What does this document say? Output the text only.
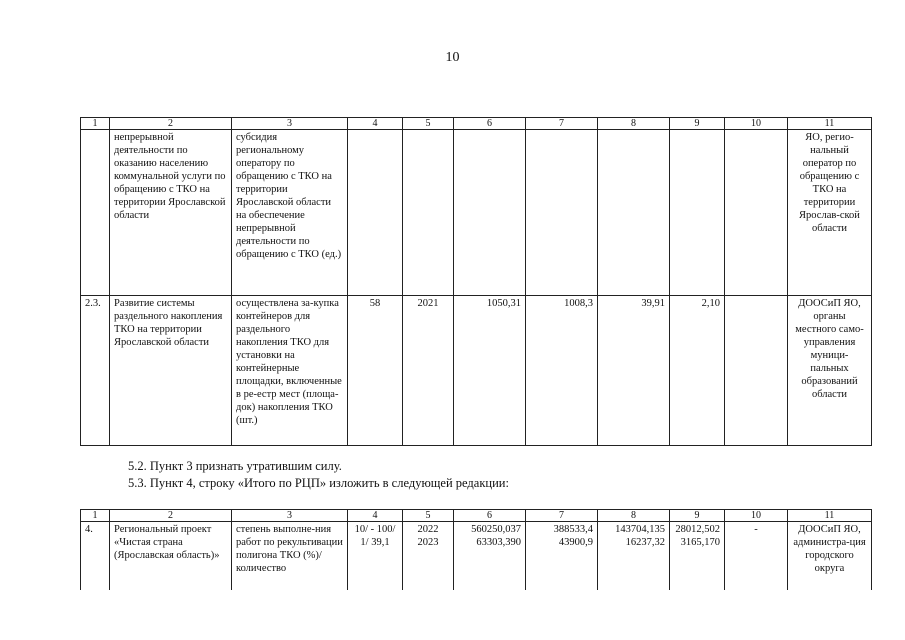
10
1	2	3	4	5	6	7	8	9	10	11
	непрерывной деятельности по оказанию населению коммунальной услуги по обращению с ТКО на территории Ярославской области	субсидия региональному оператору по обращению с ТКО на территории Ярославской области на обеспечение непрерывной деятельности по обращению с ТКО (ед.)								ЯО, регио-нальный оператор по обращению с ТКО на территории Ярослав-ской области
2.3.	Развитие системы раздельного накопления ТКО на территории Ярославской области	осуществлена за-купка контейнеров для раздельного накопления ТКО для установки на контейнерные площадки, включенные в ре-естр мест (площа-док) накопления ТКО (шт.)	58	2021	1050,31	1008,3	39,91	2,10		ДООСиП ЯО, органы местного само-управления муници-пальных образований области
5.2. Пункт 3 признать утратившим силу.
5.3. Пункт 4, строку «Итого по РЦП» изложить в следующей редакции:
1	2	3	4	5	6	7	8	9	10	11
4.	Региональный проект «Чистая страна (Ярославская область)»	степень выполне-ния работ по рекультивации полигона ТКО (%)/ количество	10/ - 100/ 1/ 39,1	2022 2023	560250,037 63303,390	388533,4 43900,9	143704,135 16237,32	28012,502 3165,170	-	ДООСиП ЯО, администра-ция городского округа
